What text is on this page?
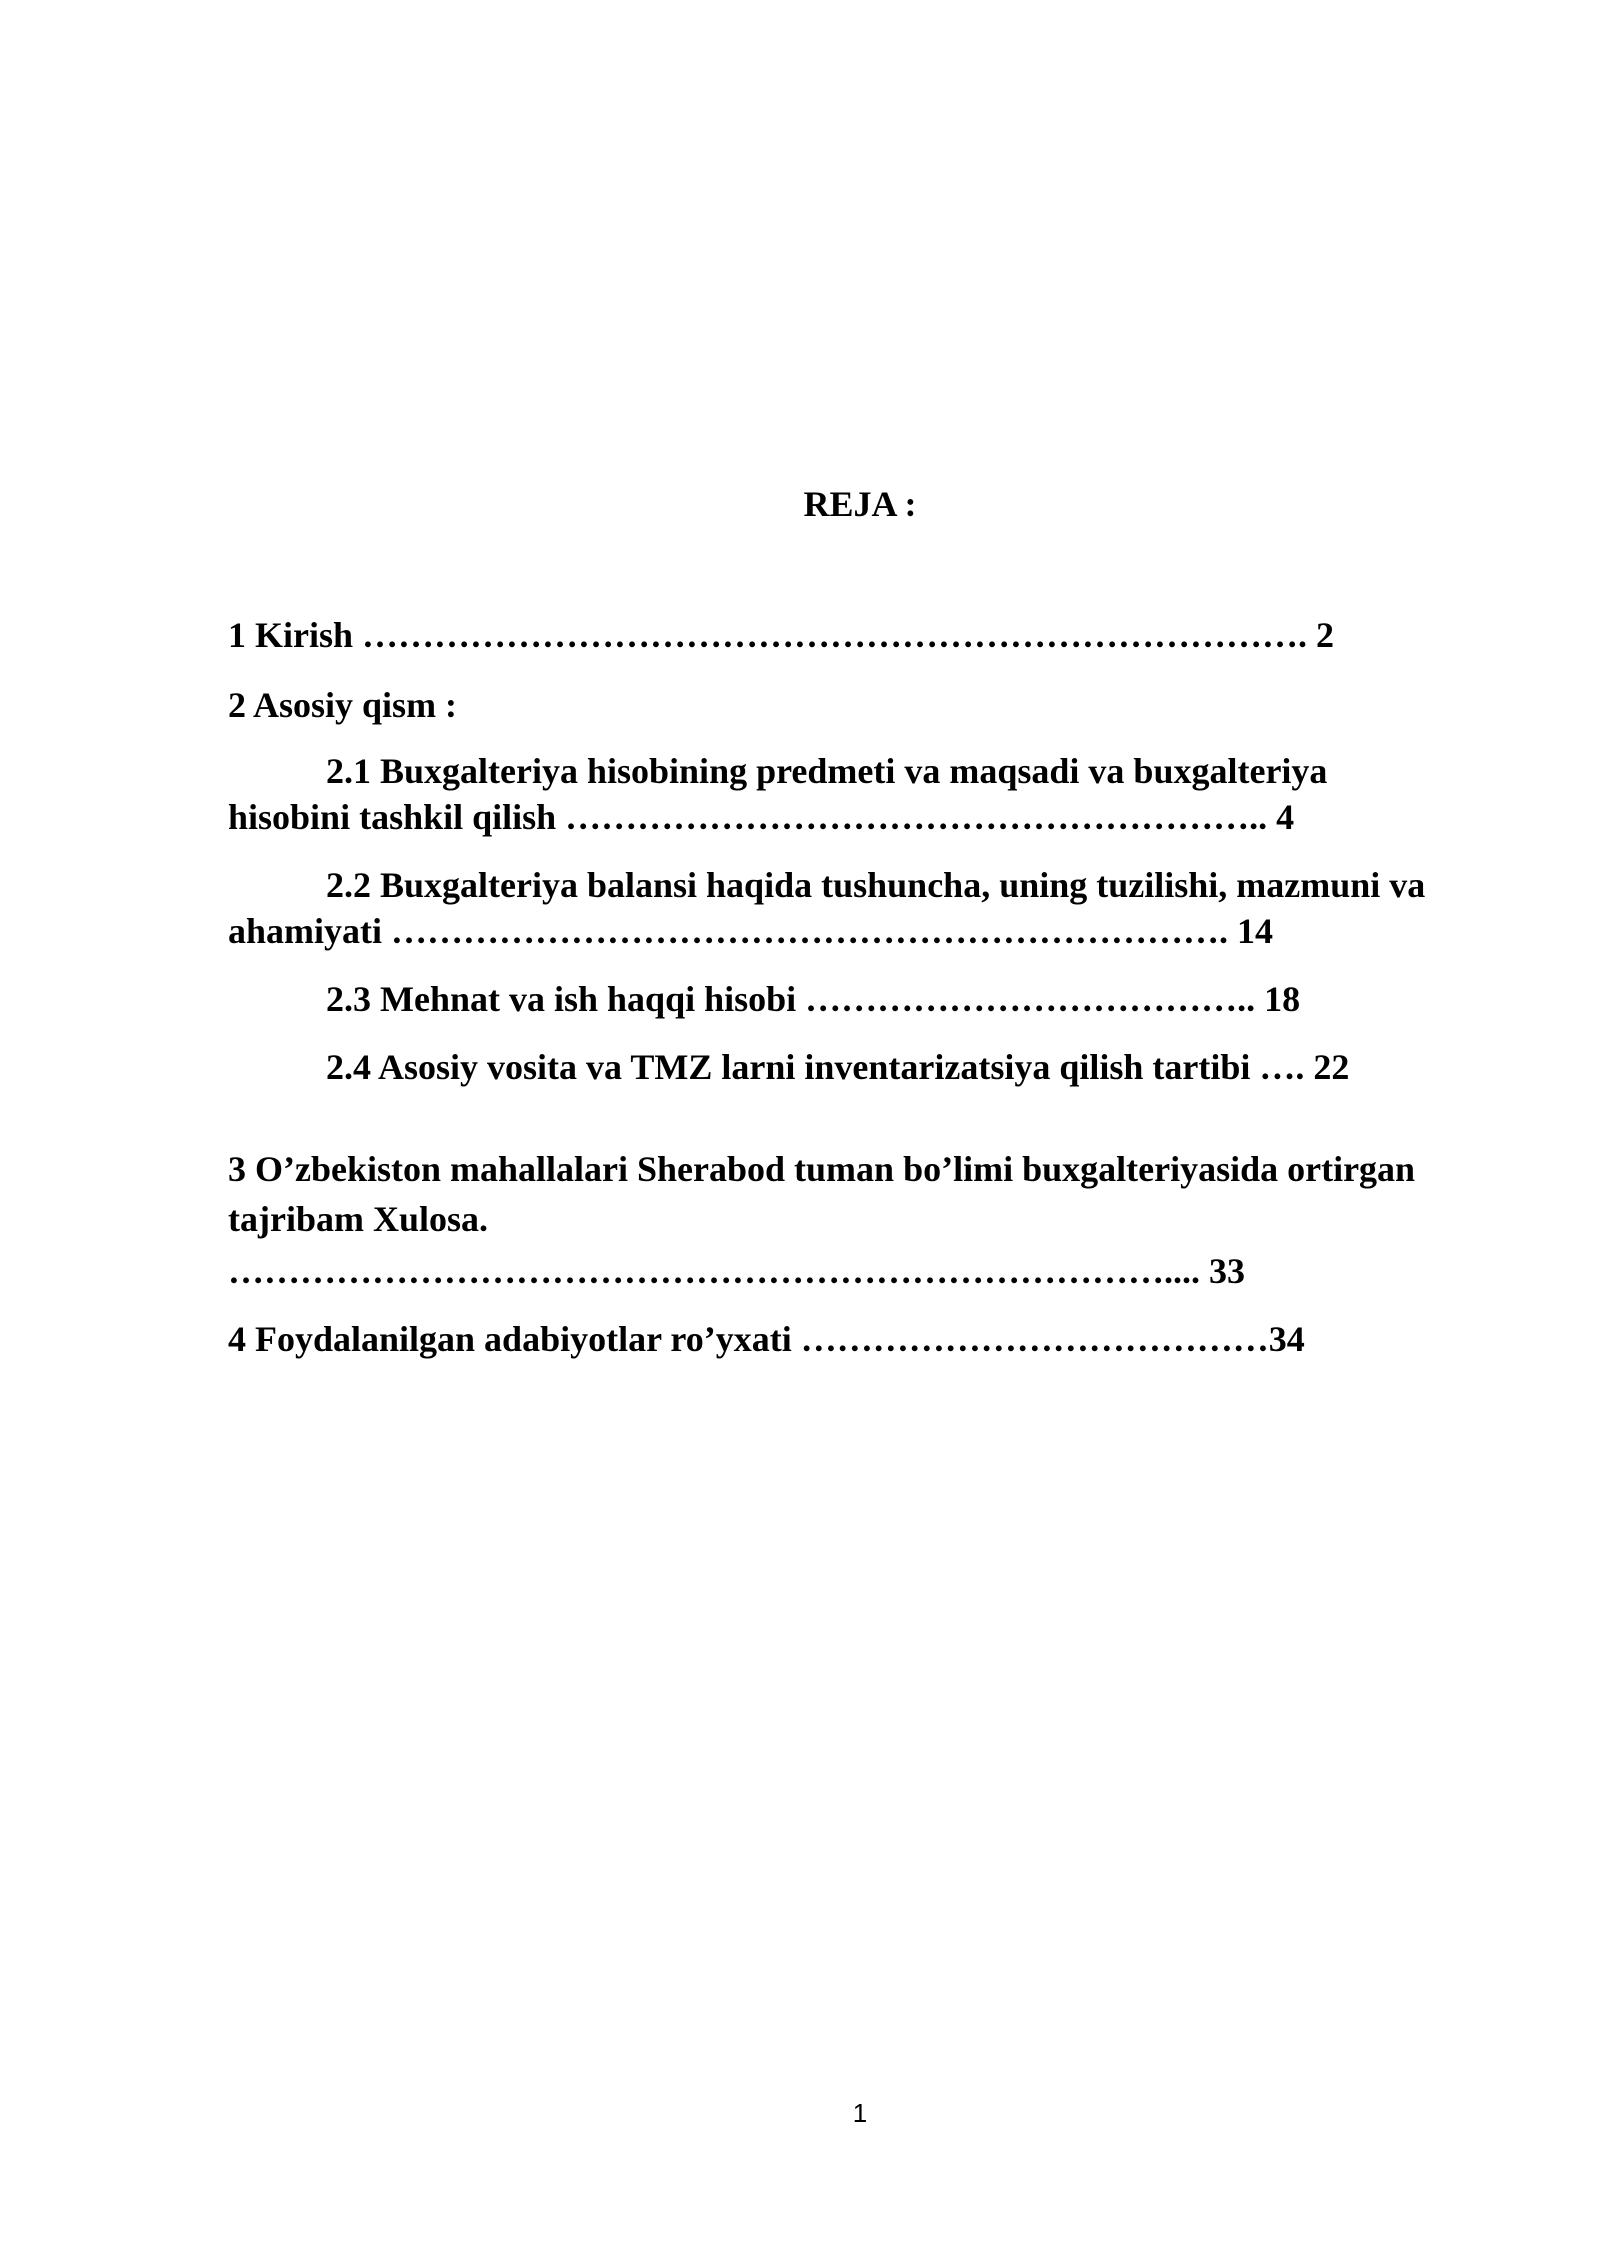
REJA :
1 Kirish ……………………………………………………………………. 2
2 Asosiy qism :
2.1 Buxgalteriya hisobining predmeti va maqsadi va buxgalteriya
hisobini tashkil qilish ………………………………………………….. 4
2.2 Buxgalteriya balansi haqida tushuncha, uning tuzilishi, mazmuni va
ahamiyati ……………………………………………………………. 14
2.3 Mehnat va ish haqqi hisobi ……………………………….. 18
2.4 Asosiy vosita va TMZ larni inventarizatsiya qilish tartibi …. 22
3 O’zbekiston mahallalari Sherabod tuman bo’limi buxgalteriyasida ortirgan
tajribam Xulosa.
…………………………………………………………………….... 33
4 Foydalanilgan adabiyotlar ro’yxati …………………………………34
1
